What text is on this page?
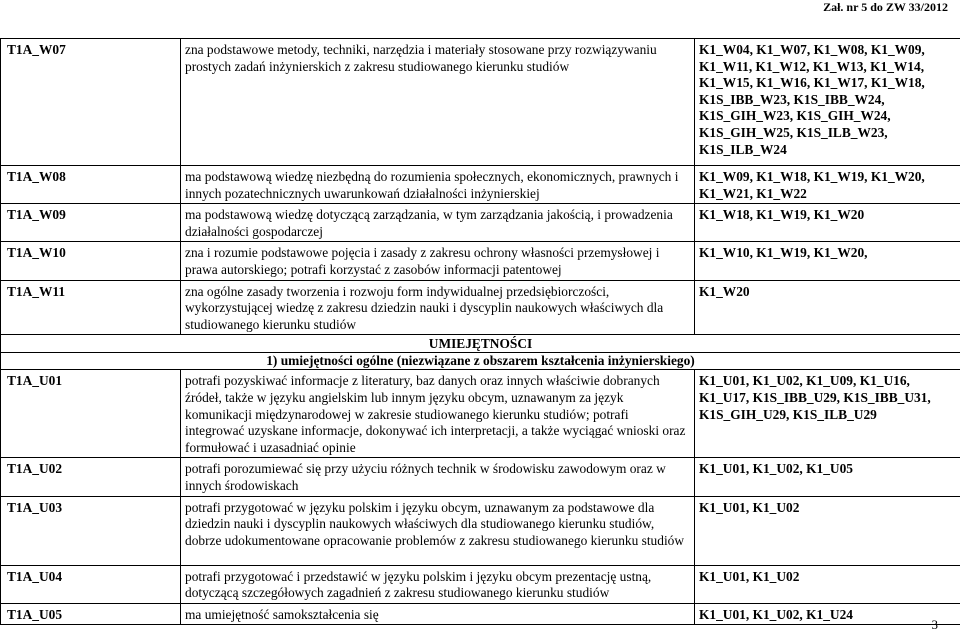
Zał. nr 5 do ZW 33/2012
T1A_W07	zna podstawowe metody, techniki, narzędzia i materiały stosowane przy rozwiązywaniu prostych zadań inżynierskich z zakresu studiowanego kierunku studiów	K1_W04, K1_W07, K1_W08, K1_W09, K1_W11, K1_W12, K1_W13, K1_W14, K1_W15, K1_W16, K1_W17, K1_W18, K1S_IBB_W23, K1S_IBB_W24, K1S_GIH_W23, K1S_GIH_W24, K1S_GIH_W25, K1S_ILB_W23, K1S_ILB_W24
T1A_W08	ma podstawową wiedzę niezbędną do rozumienia społecznych, ekonomicznych, prawnych i innych pozatechnicznych uwarunkowań działalności inżynierskiej	K1_W09, K1_W18, K1_W19, K1_W20, K1_W21, K1_W22
T1A_W09	ma podstawową wiedzę dotyczącą zarządzania, w tym zarządzania jakością, i prowadzenia działalności gospodarczej	K1_W18, K1_W19, K1_W20
T1A_W10	zna i rozumie podstawowe pojęcia i zasady z zakresu ochrony własności przemysłowej i prawa autorskiego; potrafi korzystać z zasobów informacji patentowej	K1_W10, K1_W19, K1_W20,
T1A_W11	zna ogólne zasady tworzenia i rozwoju form indywidualnej przedsiębiorczości, wykorzystującej wiedzę z zakresu dziedzin nauki i dyscyplin naukowych właściwych dla studiowanego kierunku studiów	K1_W20
UMIEJĘTNOŚCI		
1) umiejętności ogólne (niezwiązane z obszarem kształcenia inżynierskiego)		
T1A_U01	potrafi pozyskiwać informacje z literatury, baz danych oraz innych właściwie dobranych źródeł, także w języku angielskim lub innym języku obcym, uznawanym za język komunikacji międzynarodowej w zakresie studiowanego kierunku studiów; potrafi integrować uzyskane informacje, dokonywać ich interpretacji, a także wyciągać wnioski oraz formułować i uzasadniać opinie	K1_U01, K1_U02, K1_U09, K1_U16, K1_U17, K1S_IBB_U29, K1S_IBB_U31, K1S_GIH_U29, K1S_ILB_U29
T1A_U02	potrafi porozumiewać się przy użyciu różnych technik w środowisku zawodowym oraz w innych środowiskach	K1_U01, K1_U02, K1_U05
T1A_U03	potrafi przygotować w języku polskim i języku obcym, uznawanym za podstawowe dla dziedzin nauki i dyscyplin naukowych właściwych dla studiowanego kierunku studiów, dobrze udokumentowane opracowanie problemów z zakresu studiowanego kierunku studiów	K1_U01, K1_U02
T1A_U04	potrafi przygotować i przedstawić w języku polskim i języku obcym prezentację ustną, dotyczącą szczegółowych zagadnień z zakresu studiowanego kierunku studiów	K1_U01, K1_U02
T1A_U05	ma umiejętność samokształcenia się	K1_U01, K1_U02, K1_U24
3
